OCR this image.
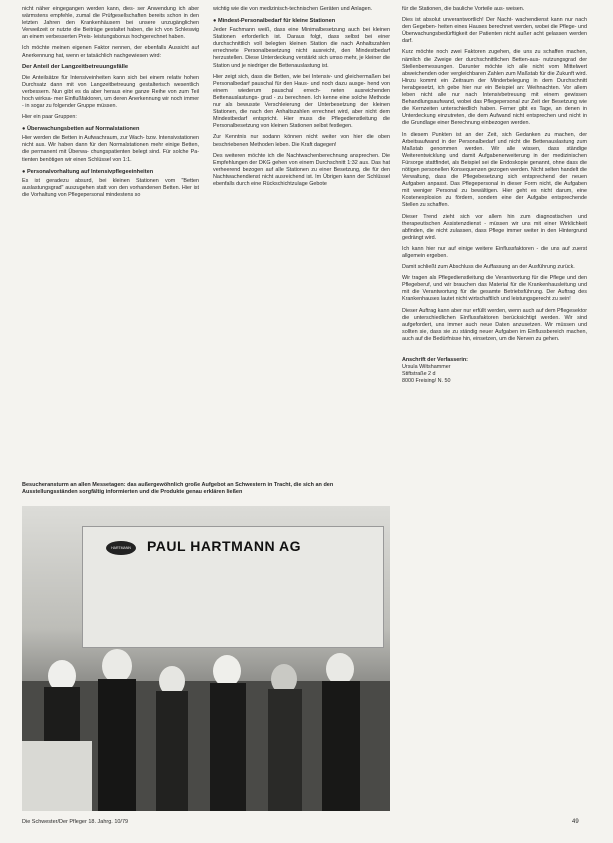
nicht näher eingegangen werden kann, dies- ser Anwendung ich aber wärmstens empfehle, zumal die Prüfgesellschaften bereits schon in den letzten Jahren den Krankenhäusern bei unsere unzugänglichen Verweilzeit or nutzte die Beiträge gestaltet haben, die ich von Schleswig an einem verbesserten Preis- leistungsbonus hochgerechnet haben.

Ich möchte meinen eigenen Faktor nennen, der ebenfalls Aussicht auf Anerkennung hat, wenn er tatsächlich nachgewiesen wird:

Der Anteil der Langzeitbetreuungsfälle

Die Anteilsätze für Intensiveinheiten kann sich bei einem relativ hohen Durchsatz dann mit von Langzeitbetreuung gestalterisch wesentlich verbessern. Nun gibt es da aber heraus eine ganze Reihe von zum Teil hoch wirksa- mer Einflußfaktoren, um deren Anerkennung wir noch immer - in sogar zu folgender Gruppe müssen.

Hier ein paar Gruppen:

● Überwachungsbetten auf Normalstationen

Hier werden die Betten in Aufwachraum, zur Wach- bzw. Intensivstationen nicht aus. Wir haben dann für den Normalstationen mehr einige Betten, die permanent mit Überwa- chungspatienten belegt sind. Für solche Pa- tienten benötigen wir einen Schlüssel von 1:1.

● Personalvorhaltung auf Intensivpflegeeinheiten

Es ist geradezu absurd, bei kleinen Stationen vom "Betten auslastungsgrad" auszugehen statt von den vorhandenen Betten. Hier ist die Vorhaltung von Pflegepersonal mindestens so

wichtig wie die von medizinisch-technischen Geräten und Anlagen.

● Mindest-Personalbedarf für kleine Stationen

Jeder Fachmann weiß, dass eine Minimalbesetzung auch bei kleinen Stationen erforderlich ist. Daraus folgt, dass selbst bei einer durchschnittlich voll belegten kleinen Station die nach Anhaltszahlen errechnete Personalbesetzung nicht ausreicht, den Mindestbedarf herzustellen. Diese Unterdeckung verstärkt sich umso mehr, je kleiner die Station und je niedriger die Bettenauslastung ist.

Hier zeigt sich, dass die Betten, wie bei Intensiv- und gleichermaßen bei Personalbedarf pauschal für den Haus- und noch dazu ausge- hend von einem wiederum pauschal errech- neten ausreichenden Bettenauslastungs- grad - zu berechnen. Ich kenne eine solche Methode nur als bewusste Verschleierung der Unterbesetzung der kleinen Stationen, die nach den Anhaltszahlen errechnet wird, aber nicht dem Mindestbedarf entspricht. Hier muss die Pflegedienstleitung die Personalbesetzung von kleinen Stationen selbst festlegen.

Zur Kenntnis nur sodann können nicht weiter von hier die oben beschriebenen Methoden leben. Die Kraft dagegen!

Des weiteren möchte ich die Nachtwachenberechnung ansprechen. Die Empfehlungen der DKG gehen von einem Durchschnitt 1:32 aus. Das hat verheerend bezogen auf alle Stationen zu einer Besetzung, die für den Nachtwachendienst nicht ausreichend ist. Im Übrigen kann der Schlüssel ebenfalls durch eine Rückschichtzulage Gebote

für die Stationen, die bauliche Vorteile aus- weisen.

Dies ist absolut unverantwortlich! Der Nacht- wachendienst kann nur nach den Gegeben- heiten eines Hauses berechnet werden, wobei die Pflege- und Überwachungsbedürftigkeit der Patienten nicht außer acht gelassen werden darf.

Kurz möchte noch zwei Faktoren zugehen, die uns zu schaffen machen, nämlich die Zweige der durchschnittlichen Betten-aus- nutzungsgrad der Stellenbemessungen. Darunter möchte ich alle nicht vom Mittelwert abweichenden oder vergleichbaren Zahlen zum Maßstab für die Zukunft wird. Hinzu kommt ein Zeitraum der Minderbelegung in dem Durchschnitt herabgesetzt, ich gebe hier nur ein Beispiel an: Weihnachten. Vor allem leben nicht alle nur nach Intensivbetreuung mit einem gewissen Behandlungsaufwand, wobei das Pflegepersonal zur Zeit der Besetzung wie die Kernzeiten unterschiedlich haben. Ferner gibt es Tage, an denen in Unterdeckung einzutreten, die dem Aufwand nicht entsprechen und nicht in die Grundlage einer Berechnung einbezogen werden.

In diesem Punkten ist an der Zeit, sich Gedanken zu machen, der Arbeitsaufwand in der Personalbedarf und nicht die Bettenauslastung zum Maßstab genommen werden. Wir alle wissen, dass ständige Weiterentwicklung und damit Aufgabenerweiterung in der medizinischen Fürsorge stattfindet, als Beispiel sei die Endoskopie genannt, ohne dass die nötigen personellen Konsequenzen gezogen werden. Nicht selten handelt die Verwaltung, dass die Pflegebesetzung sich entsprechend der neuen Aufgaben anpasst. Das Pflegepersonal in dieser Form nicht, die Aufgaben mit weniger Personal zu bewältigen. Hier geht es nicht darum, eine Kostenexplosion zu fördern, sondern eine der Aufgabe entsprechende Stellen zu schaffen.

Dieser Trend zieht sich vor allem hin zum diagnostischen und therapeutischen Assistenzdienst - müssen wir uns mit einer Wirklichkeit abfinden, die nicht zulassen, dass Pflege immer weiter in den Hintergrund gedrängt wird.

Ich kann hier nur auf einige weitere Einflussfaktoren - die uns auf zuerst allgemein ergeben.

Damit schließt zum Abschluss die Auffassung an der Ausführung zurück.

Wir tragen als Pflegedienstleitung die Verantwortung für die Pflege und den Pflegeberuf, und wir brauchen das Material für die Krankenhausleitung und mit die Verantwortung für die gesamte Betriebsführung. Der Auftrag des Krankenhauses lautet nicht wirtschaftlich und leistungsgerecht zu sein!

Dieser Auftrag kann aber nur erfüllt werden, wenn auch auf dem Pflegesektor die unterschiedlichen Einflussfaktoren berücksichtigt werden. Wir sind aufgefordert, uns immer auch neue Daten anzusetzen. Wir müssen und sollten sie, dass sie zu ständig neuer Aufgaben im Einflussbereich machen, auch auf die Bedürfnisse hin, einsetzen, um die Nerven zu gehen.

Anschrift der Verfasserin:
Ursula Wiltshammer
Stiftstraße 2 d
8000 Freising/ N. 50
Besucheransturm an allen Messetagen: das außergewöhnlich große Aufgebot an Schwestern in Tracht, die sich an den Ausstellungsständen sorgfältig informierten und die Produkte genau erklären ließen
HARTMANN	PAUL HARTMANN AG
Die Schwester/Der Pfleger 18. Jahrg. 10/79	49
